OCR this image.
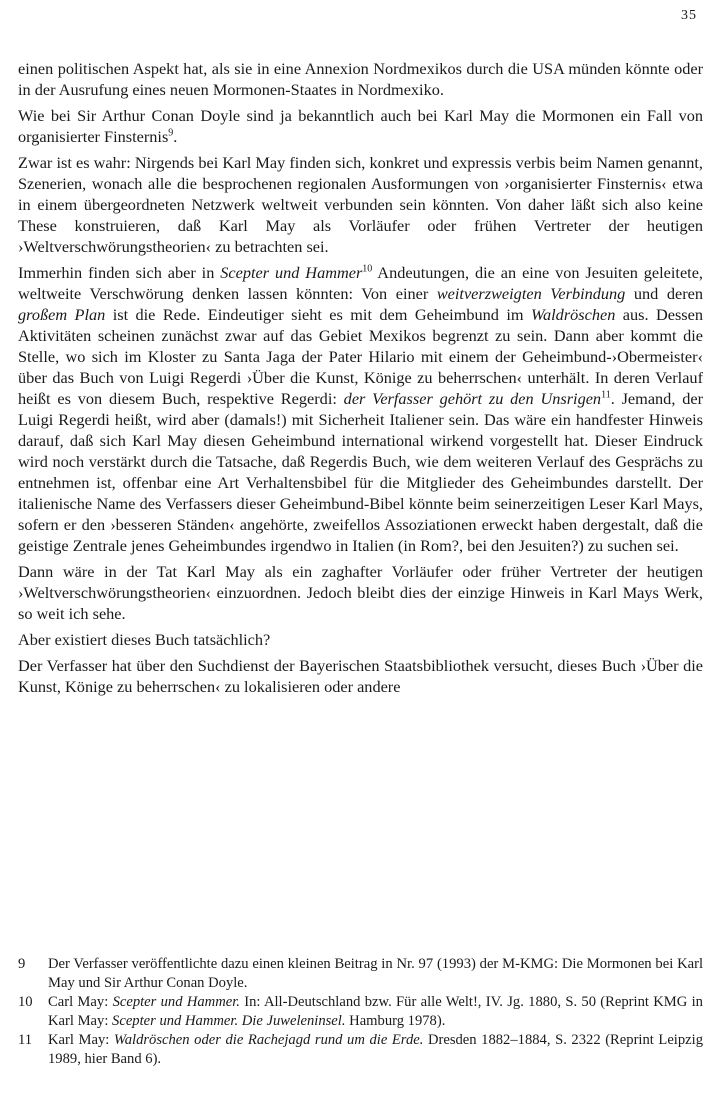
35

einen politischen Aspekt hat, als sie in eine Annexion Nordmexikos durch die USA münden könnte oder in der Ausrufung eines neuen Mormonen-Staates in Nordmexiko.

Wie bei Sir Arthur Conan Doyle sind ja bekanntlich auch bei Karl May die Mormonen ein Fall von organisierter Finsternis$^9$.

Zwar ist es wahr: Nirgends bei Karl May finden sich, konkret und expressis verbis beim Namen genannt, Szenerien, wonach alle die besprochenen regionalen Ausformungen von ›organisierter Finsternis‹ etwa in einem übergeordneten Netzwerk weltweit verbunden sein könnten. Von daher läßt sich also keine These konstruieren, daß Karl May als Vorläufer oder frühen Vertreter der heutigen ›Weltverschwörungstheorien‹ zu betrachten sei.

Immerhin finden sich aber in Scepter und Hammer$^{10}$ Andeutungen, die an eine von Jesuiten geleitete, weltweite Verschwörung denken lassen könnten: Von einer weitverzweigten Verbindung und deren großem Plan ist die Rede. Eindeutiger sieht es mit dem Geheimbund im Waldröschen aus. Dessen Aktivitäten scheinen zunächst zwar auf das Gebiet Mexikos begrenzt zu sein. Dann aber kommt die Stelle, wo sich im Kloster zu Santa Jaga der Pater Hilario mit einem der Geheimbund-›Obermeister‹ über das Buch von Luigi Regerdi ›Über die Kunst, Könige zu beherrschen‹ unterhält. In deren Verlauf heißt es von diesem Buch, respektive Regerdi: der Verfasser gehört zu den Unsrigen$^{11}$. Jemand, der Luigi Regerdi heißt, wird aber (damals!) mit Sicherheit Italiener sein. Das wäre ein handfester Hinweis darauf, daß sich Karl May diesen Geheimbund international wirkend vorgestellt hat. Dieser Eindruck wird noch verstärkt durch die Tatsache, daß Regerdis Buch, wie dem weiteren Verlauf des Gesprächs zu entnehmen ist, offenbar eine Art Verhaltensbibel für die Mitglieder des Geheimbundes darstellt. Der italienische Name des Verfassers dieser Geheimbund-Bibel könnte beim seinerzeitigen Leser Karl Mays, sofern er den ›besseren Ständen‹ angehörte, zweifellos Assoziationen erweckt haben dergestalt, daß die geistige Zentrale jenes Geheimbundes irgendwo in Italien (in Rom?, bei den Jesuiten?) zu suchen sei.

Dann wäre in der Tat Karl May als ein zaghafter Vorläufer oder früher Vertreter der heutigen ›Weltverschwörungstheorien‹ einzuordnen. Jedoch bleibt dies der einzige Hinweis in Karl Mays Werk, so weit ich sehe.

Aber existiert dieses Buch tatsächlich?

Der Verfasser hat über den Suchdienst der Bayerischen Staatsbibliothek versucht, dieses Buch ›Über die Kunst, Könige zu beherrschen‹ zu lokalisieren oder andere

9	Der Verfasser veröffentlichte dazu einen kleinen Beitrag in Nr. 97 (1993) der M-KMG: Die Mormonen bei Karl May und Sir Arthur Conan Doyle.
10	Carl May: Scepter und Hammer. In: All-Deutschland bzw. Für alle Welt!, IV. Jg. 1880, S. 50 (Reprint KMG in Karl May: Scepter und Hammer. Die Juweleninsel. Hamburg 1978).
11	Karl May: Waldröschen oder die Rachejagd rund um die Erde. Dresden 1882–1884, S. 2322 (Reprint Leipzig 1989, hier Band 6).
